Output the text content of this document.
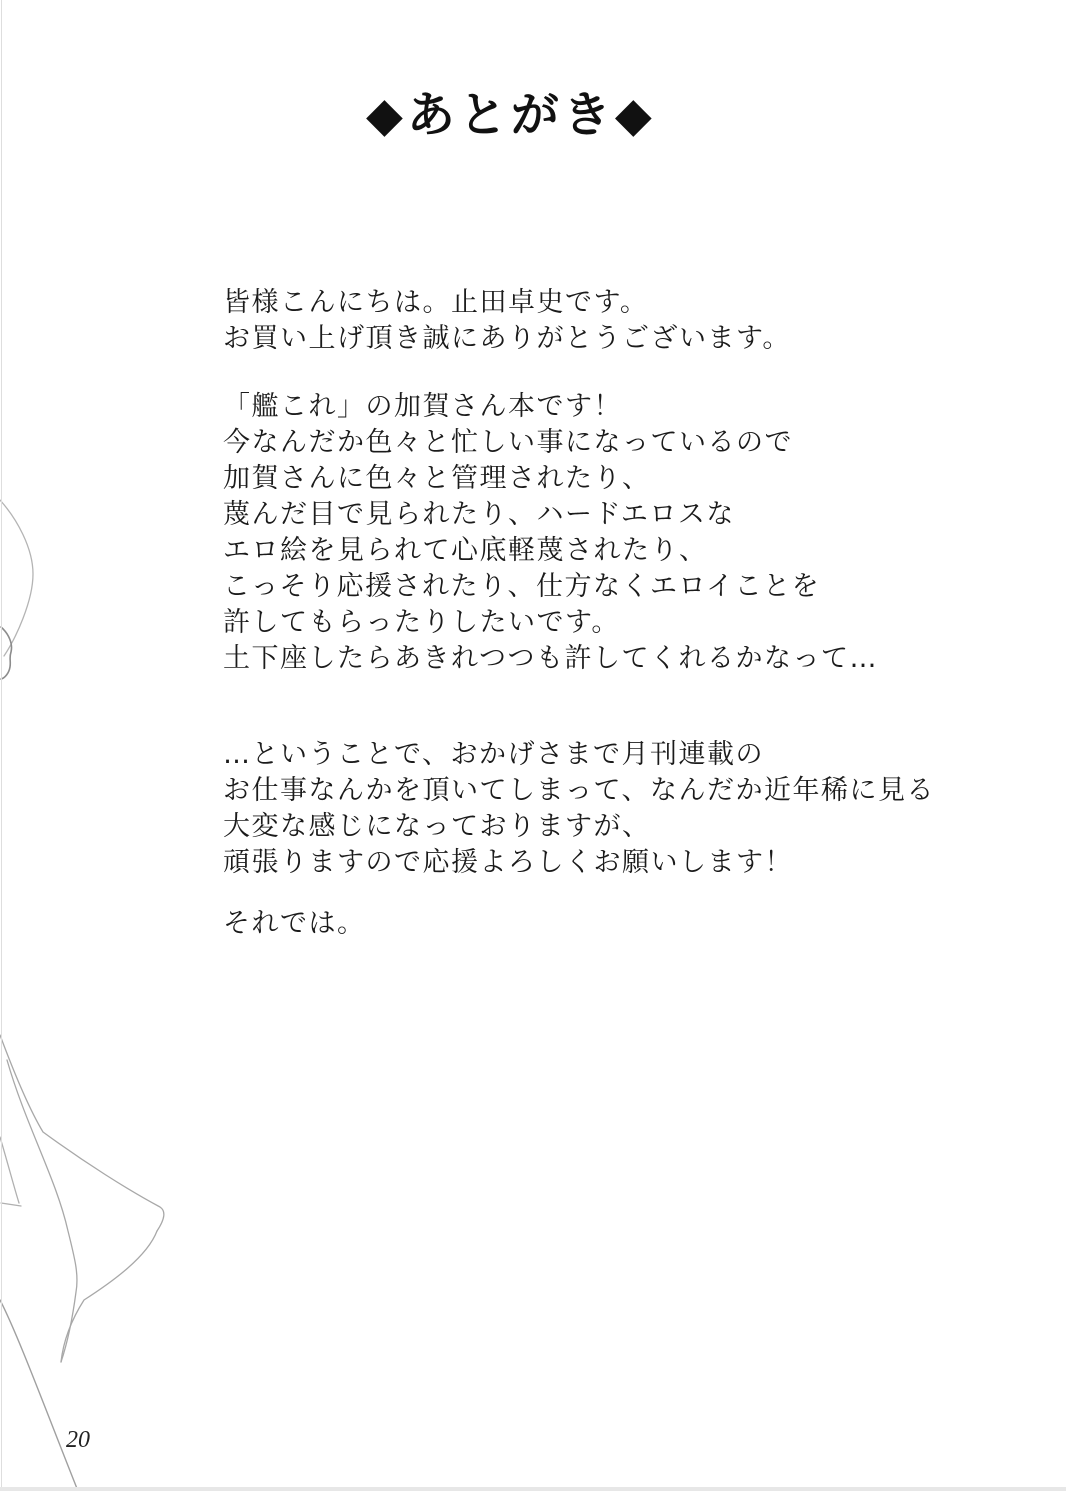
◆あとがき◆
皆様こんにちは。止田卓史です。
お買い上げ頂き誠にありがとうございます。
「艦これ」の加賀さん本です！
今なんだか色々と忙しい事になっているので
加賀さんに色々と管理されたり、
蔑んだ目で見られたり、ハードエロスな
エロ絵を見られて心底軽蔑されたり、
こっそり応援されたり、仕方なくエロイことを
許してもらったりしたいです。
土下座したらあきれつつも許してくれるかなって…
…ということで、おかげさまで月刊連載の
お仕事なんかを頂いてしまって、なんだか近年稀に見る
大変な感じになっておりますが、
頑張りますので応援よろしくお願いします！
それでは。
20
